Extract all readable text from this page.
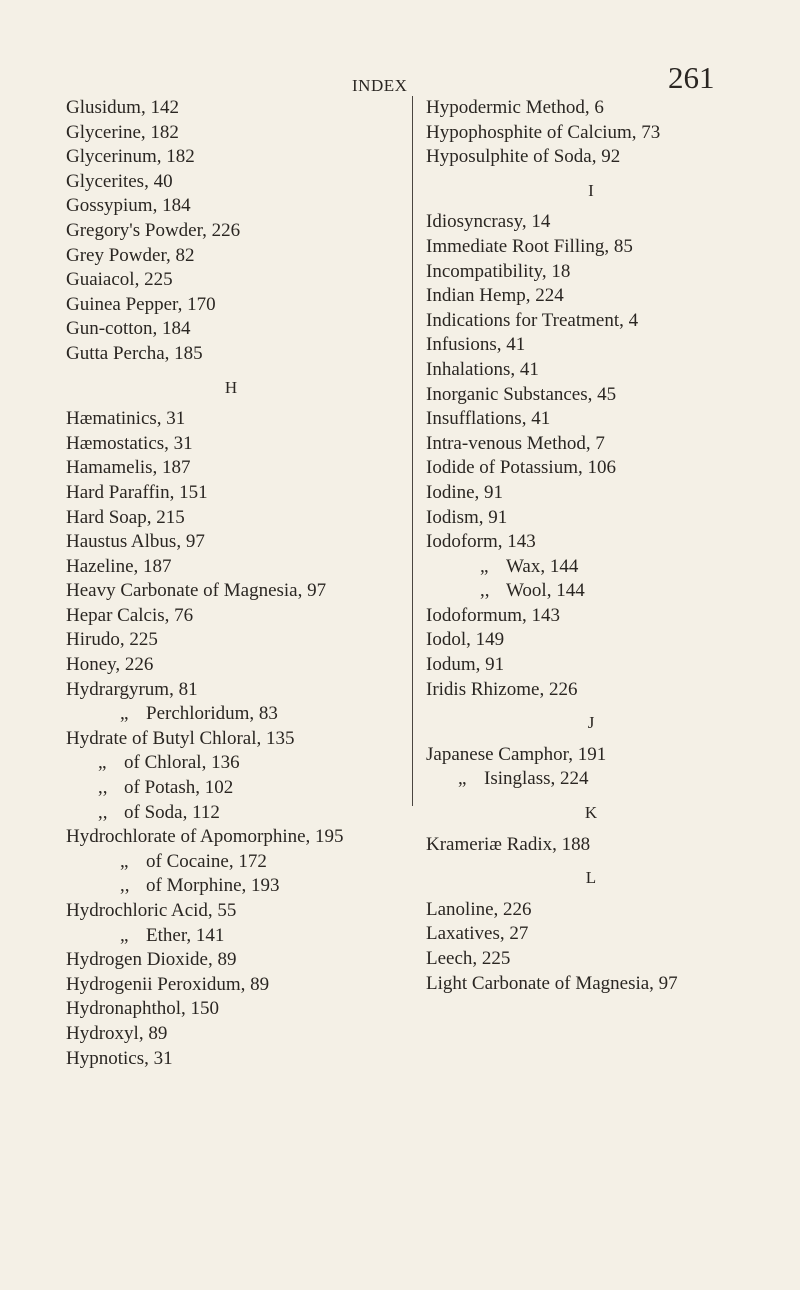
INDEX	261
Glusidum, 142
Glycerine, 182
Glycerinum, 182
Glycerites, 40
Gossypium, 184
Gregory's Powder, 226
Grey Powder, 82
Guaiacol, 225
Guinea Pepper, 170
Gun-cotton, 184
Gutta Percha, 185
H
Hæmatinics, 31
Hæmostatics, 31
Hamamelis, 187
Hard Paraffin, 151
Hard Soap, 215
Haustus Albus, 97
Hazeline, 187
Heavy Carbonate of Magnesia, 97
Hepar Calcis, 76
Hirudo, 225
Honey, 226
Hydrargyrum, 81
„ Perchloridum, 83
Hydrate of Butyl Chloral, 135
„ of Chloral, 136
,, of Potash, 102
,, of Soda, 112
Hydrochlorate of Apomorphine, 195
„ of Cocaine, 172
,, of Morphine, 193
Hydrochloric Acid, 55
„ Ether, 141
Hydrogen Dioxide, 89
Hydrogenii Peroxidum, 89
Hydronaphthol, 150
Hydroxyl, 89
Hypnotics, 31
Hypodermic Method, 6
Hypophosphite of Calcium, 73
Hyposulphite of Soda, 92
I
Idiosyncrasy, 14
Immediate Root Filling, 85
Incompatibility, 18
Indian Hemp, 224
Indications for Treatment, 4
Infusions, 41
Inhalations, 41
Inorganic Substances, 45
Insufflations, 41
Intra-venous Method, 7
Iodide of Potassium, 106
Iodine, 91
Iodism, 91
Iodoform, 143
„ Wax, 144
,, Wool, 144
Iodoformum, 143
Iodol, 149
Iodum, 91
Iridis Rhizome, 226
J
Japanese Camphor, 191
„ Isinglass, 224
K
Krameriæ Radix, 188
L
Lanoline, 226
Laxatives, 27
Leech, 225
Light Carbonate of Magnesia, 97
